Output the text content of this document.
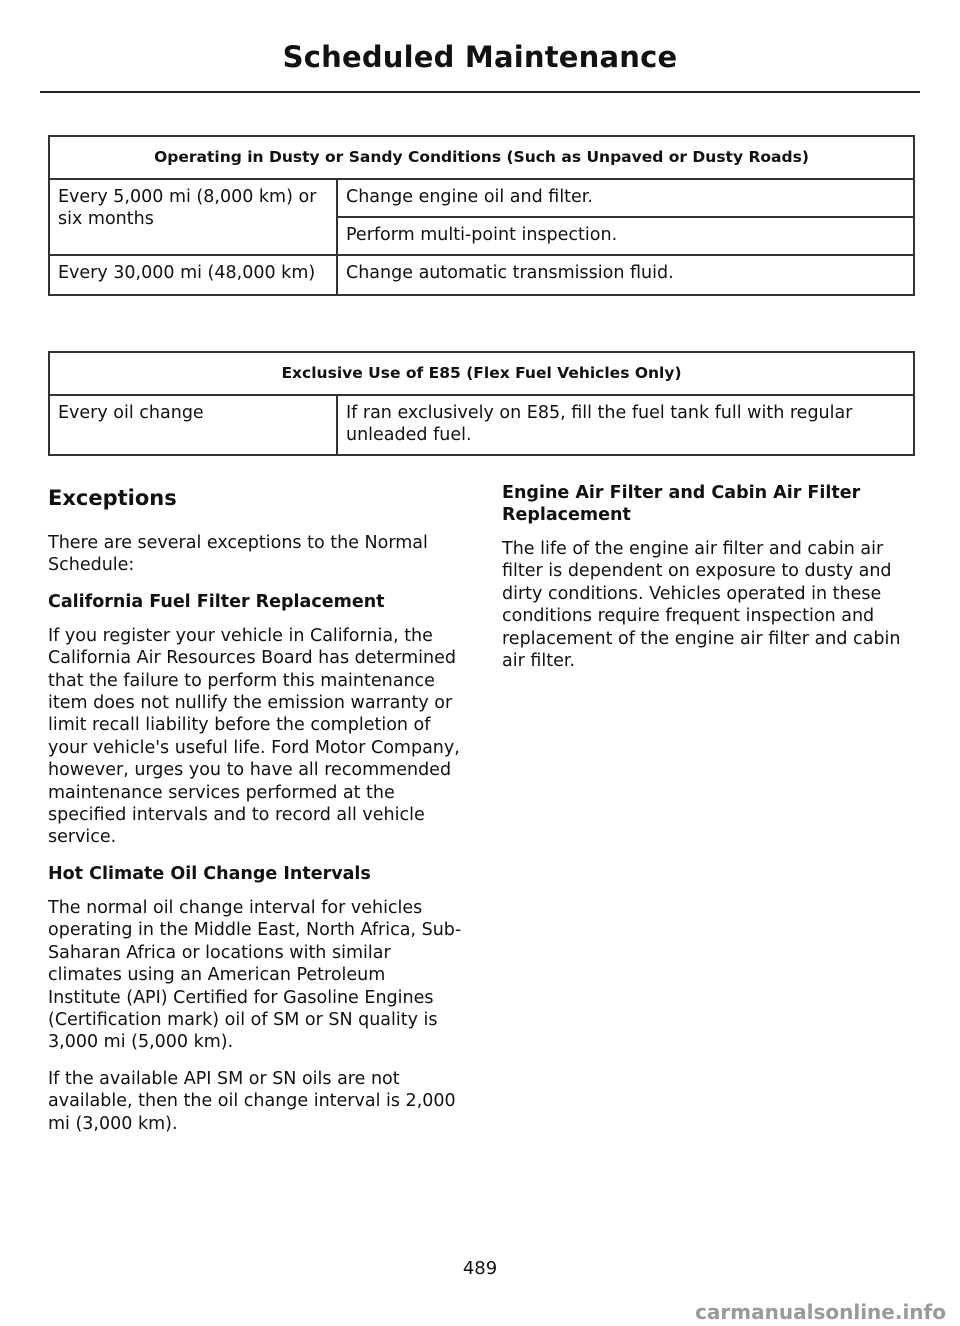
Scheduled Maintenance
Operating in Dusty or Sandy Conditions (Such as Unpaved or Dusty Roads)	
Every 5,000 mi (8,000 km) or six months	Change engine oil and filter.
	Perform multi-point inspection.
Every 30,000 mi (48,000 km)	Change automatic transmission fluid.
Exclusive Use of E85 (Flex Fuel Vehicles Only)
Every oil change	If ran exclusively on E85, fill the fuel tank full with regular unleaded fuel.
Exceptions

There are several exceptions to the Normal Schedule:

California Fuel Filter Replacement

If you register your vehicle in California, the California Air Resources Board has determined that the failure to perform this maintenance item does not nullify the emission warranty or limit recall liability before the completion of your vehicle's useful life. Ford Motor Company, however, urges you to have all recommended maintenance services performed at the specified intervals and to record all vehicle service.

Hot Climate Oil Change Intervals

The normal oil change interval for vehicles operating in the Middle East, North Africa, Sub-Saharan Africa or locations with similar climates using an American Petroleum Institute (API) Certified for Gasoline Engines (Certification mark) oil of SM or SN quality is 3,000 mi (5,000 km).

If the available API SM or SN oils are not available, then the oil change interval is 2,000 mi (3,000 km).

Engine Air Filter and Cabin Air Filter Replacement

The life of the engine air filter and cabin air filter is dependent on exposure to dusty and dirty conditions. Vehicles operated in these conditions require frequent inspection and replacement of the engine air filter and cabin air filter.

489
carmanualsonline.info
